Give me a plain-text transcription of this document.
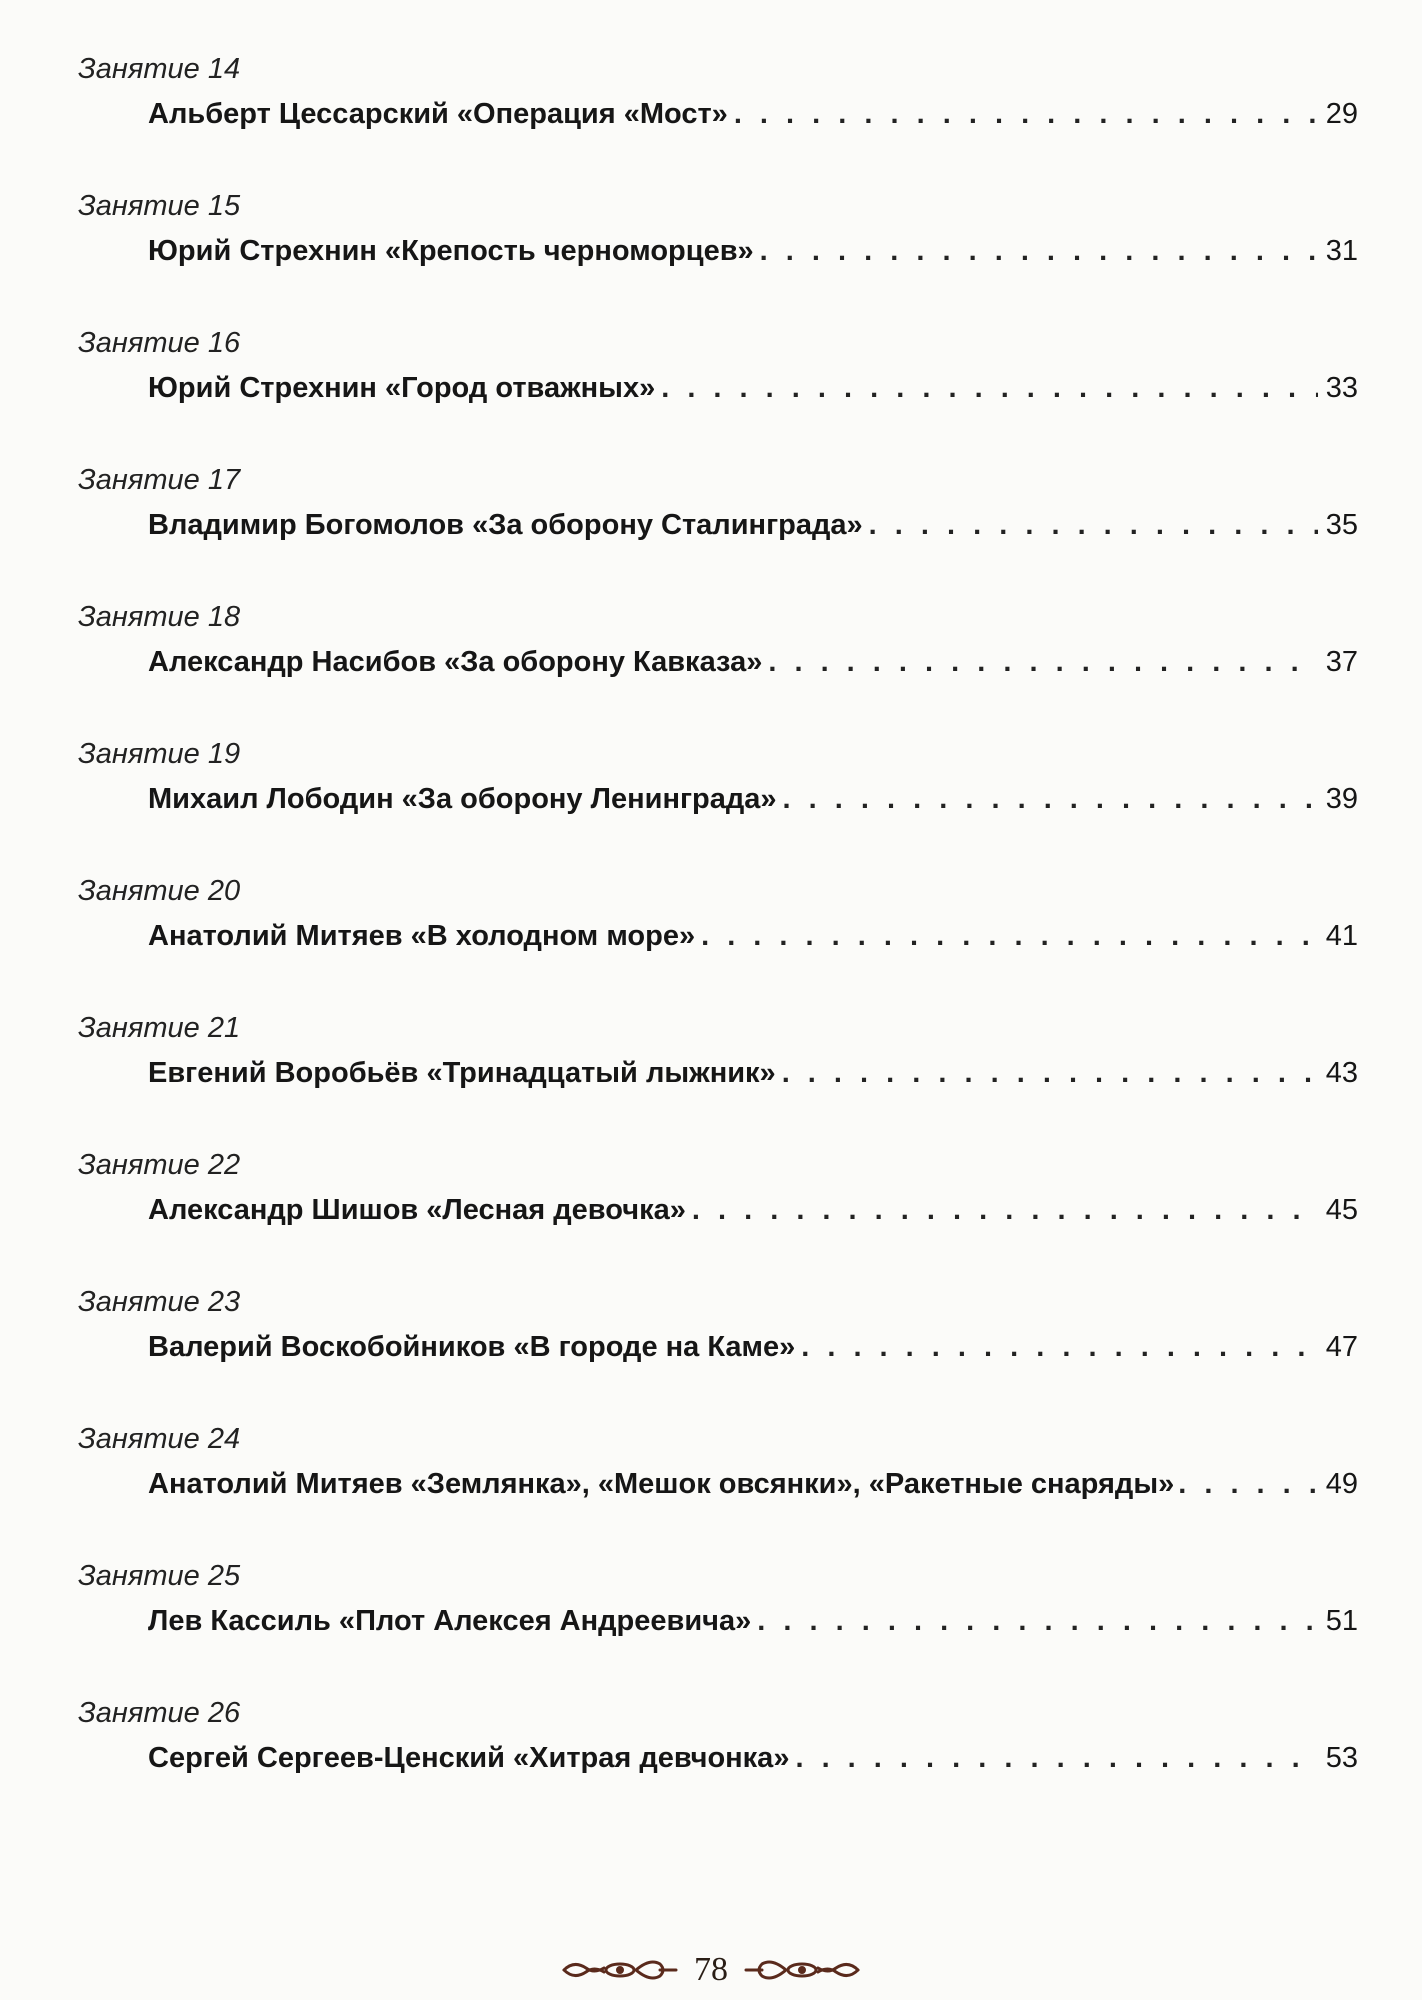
Занятие 14
Альберт Цессарский «Операция «Мост» . . .	29
Занятие 15
Юрий Стрехнин «Крепость черноморцев» . . .	31
Занятие 16
Юрий Стрехнин «Город отважных» . . .	33
Занятие 17
Владимир Богомолов «За оборону Сталинграда» . . .	35
Занятие 18
Александр Насибов «За оборону Кавказа» . . .	37
Занятие 19
Михаил Лободин «За оборону Ленинграда» . . .	39
Занятие 20
Анатолий Митяев «В холодном море» . . .	41
Занятие 21
Евгений Воробьёв «Тринадцатый лыжник» . . .	43
Занятие 22
Александр Шишов «Лесная девочка» . . .	45
Занятие 23
Валерий Воскобойников «В городе на Каме» . . .	47
Занятие 24
Анатолий Митяев «Землянка», «Мешок овсянки», «Ракетные снаряды» . . .	49
Занятие 25
Лев Кассиль «Плот Алексея Андреевича» . . .	51
Занятие 26
Сергей Сергеев-Ценский «Хитрая девчонка» . . .	53
78
